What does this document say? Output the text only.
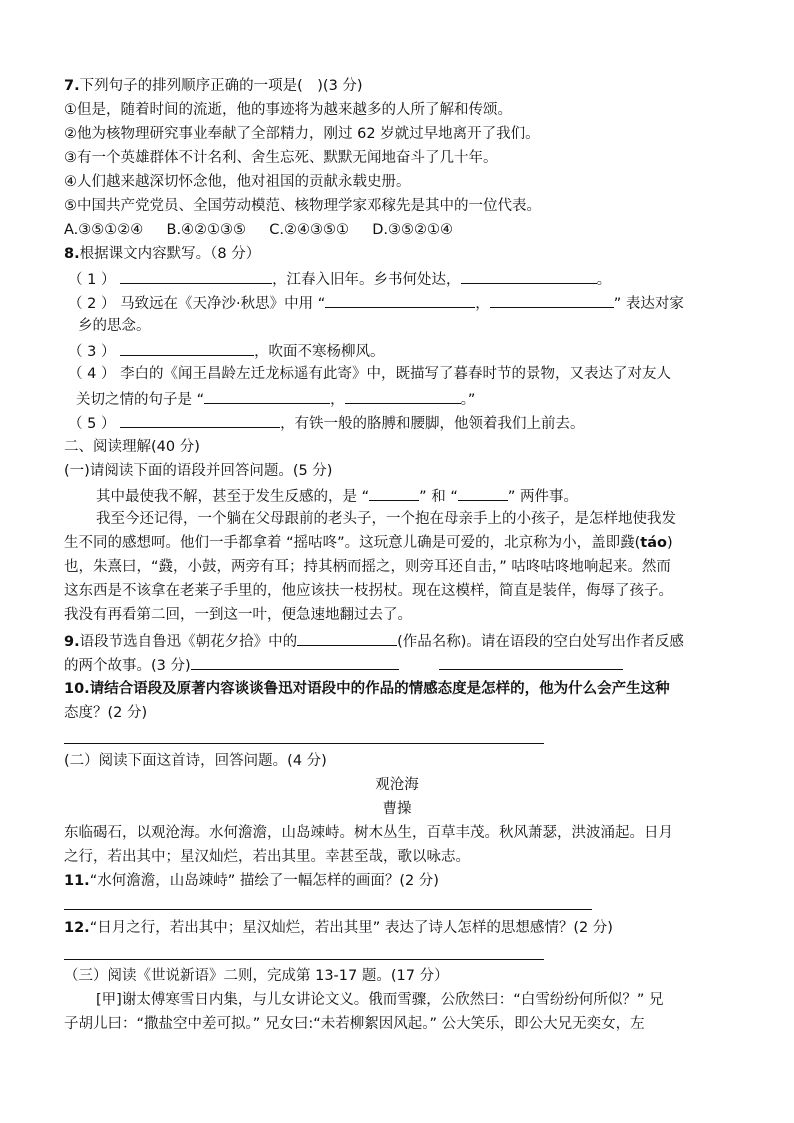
7.下列句子的排列顺序正确的一项是(　)(3 分)
①但是，随着时间的流逝，他的事迹将为越来越多的人所了解和传颂。
②他为核物理研究事业奉献了全部精力，刚过 62 岁就过早地离开了我们。
③有一个英雄群体不计名利、舍生忘死、默默无闻地奋斗了几十年。
④人们越来越深切怀念他，他对祖国的贡献永载史册。
⑤中国共产党党员、全国劳动模范、核物理学家邓稼先是其中的一位代表。
A.③⑤①②④ B.④②①③⑤ C.②④③⑤① D.③⑤②①④
8.根据课文内容默写。（8 分）
（ 1 ）	，江春入旧年。乡书何处达，	。
（ 2 ） 马致远在《天净沙·秋思》中用 “	，	” 表达对家
乡的思念。
（ 3 ）	，吹面不寒杨柳风。
（ 4 ） 李白的《闻王昌龄左迁龙标遥有此寄》中，既描写了暮春时节的景物，又表达了对友人
关切之情的句子是 “	，	。”
（ 5 ）	，有铁一般的胳膊和腰脚，他领着我们上前去。
二、阅读理解(40 分)
(一)请阅读下面的语段并回答问题。(5 分)
其中最使我不解，甚至于发生反感的，是 “	” 和 “	” 两件事。
我至今还记得，一个躺在父母跟前的老头子，一个抱在母亲手上的小孩子，是怎样地使我发
生不同的感想呵。他们一手都拿着 “摇咕咚”。这玩意儿确是可爱的，北京称为小，盖即鼗(táo)
也，朱熹曰，“鼗，小鼓，两旁有耳；持其柄而摇之，则旁耳还自击，” 咕咚咕咚地响起来。然而
这东西是不该拿在老莱子手里的，他应该扶一枝拐杖。现在这模样，简直是装佯，侮辱了孩子。
我没有再看第二回，一到这一叶，便急速地翻过去了。
9.语段节选自鲁迅《朝花夕拾》中的	(作品名称)。请在语段的空白处写出作者反感
的两个故事。(3 分)
10.请结合语段及原著内容谈谈鲁迅对语段中的作品的情感态度是怎样的，他为什么会产生这种
态度？(2 分)
(二）阅读下面这首诗，回答问题。(4 分)
观沧海
曹操
东临碣石，以观沧海。水何澹澹，山岛竦峙。树木丛生，百草丰茂。秋风萧瑟，洪波涌起。日月
之行，若出其中；星汉灿烂，若出其里。幸甚至哉，歌以咏志。
11.“水何澹澹，山岛竦峙” 描绘了一幅怎样的画面？(2 分)
12.“日月之行，若出其中；星汉灿烂，若出其里” 表达了诗人怎样的思想感情？(2 分)
（三）阅读《世说新语》二则，完成第 13-17 题。(17 分）
[甲]谢太傅寒雪日内集，与儿女讲论文义。俄而雪骤，公欣然曰：“白雪纷纷何所似？” 兄
子胡儿曰：“撒盐空中差可拟。” 兄女曰:“未若柳絮因风起。” 公大笑乐，即公大兄无奕女，左
